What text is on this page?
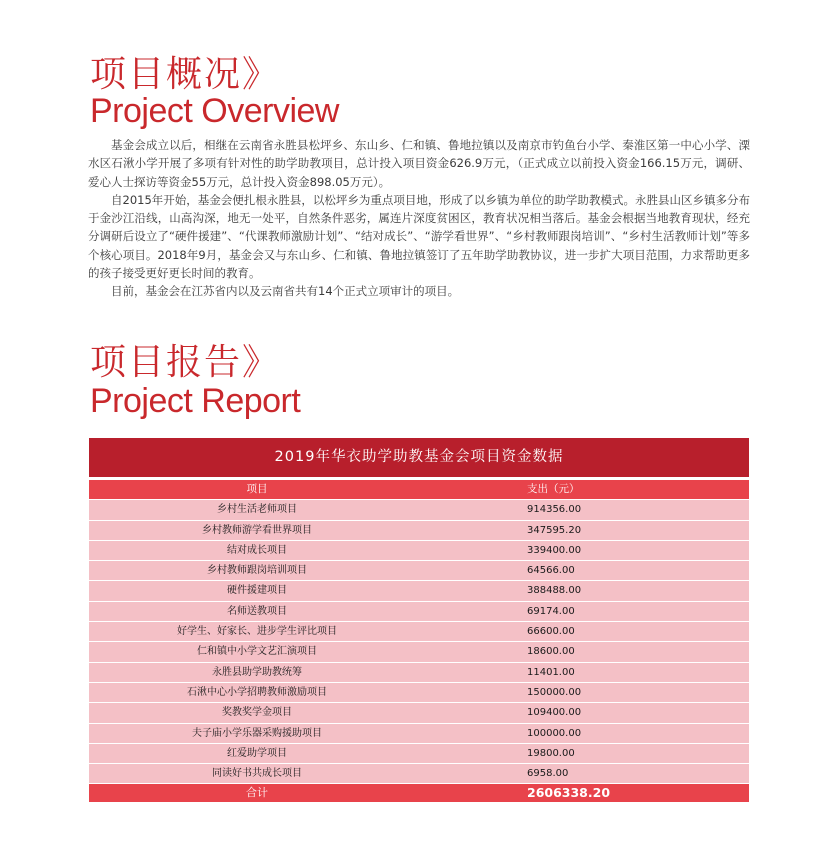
项目概况》
Project Overview

基金会成立以后，相继在云南省永胜县松坪乡、东山乡、仁和镇、鲁地拉镇以及南京市钓鱼台小学、秦淮区第一中心小学、溧水区石湫小学开展了多项有针对性的助学助教项目，总计投入项目资金626.9万元，（正式成立以前投入资金166.15万元，调研、爱心人士探访等资金55万元，总计投入资金898.05万元）。

自2015年开始，基金会便扎根永胜县，以松坪乡为重点项目地，形成了以乡镇为单位的助学助教模式。永胜县山区乡镇多分布于金沙江沿线，山高沟深，地无一处平，自然条件恶劣，属连片深度贫困区，教育状况相当落后。基金会根据当地教育现状，经充分调研后设立了“硬件援建”、“代课教师激励计划”、“结对成长”、“游学看世界”、“乡村教师跟岗培训”、“乡村生活教师计划”等多个核心项目。2018年9月，基金会又与东山乡、仁和镇、鲁地拉镇签订了五年助学助教协议，进一步扩大项目范围，力求帮助更多的孩子接受更好更长时间的教育。

目前，基金会在江苏省内以及云南省共有14个正式立项审计的项目。

项目报告》
Project Report
2019年华衣助学助教基金会项目资金数据
项目	支出（元）
乡村生活老师项目	914356.00
乡村教师游学看世界项目	347595.20
结对成长项目	339400.00
乡村教师跟岗培训项目	64566.00
硬件援建项目	388488.00
名师送教项目	69174.00
好学生、好家长、进步学生评比项目	66600.00
仁和镇中小学文艺汇演项目	18600.00
永胜县助学助教统筹	11401.00
石湫中心小学招聘教师激励项目	150000.00
奖教奖学金项目	109400.00
夫子庙小学乐器采购援助项目	100000.00
红爱助学项目	19800.00
同读好书共成长项目	6958.00
合计	2606338.20
